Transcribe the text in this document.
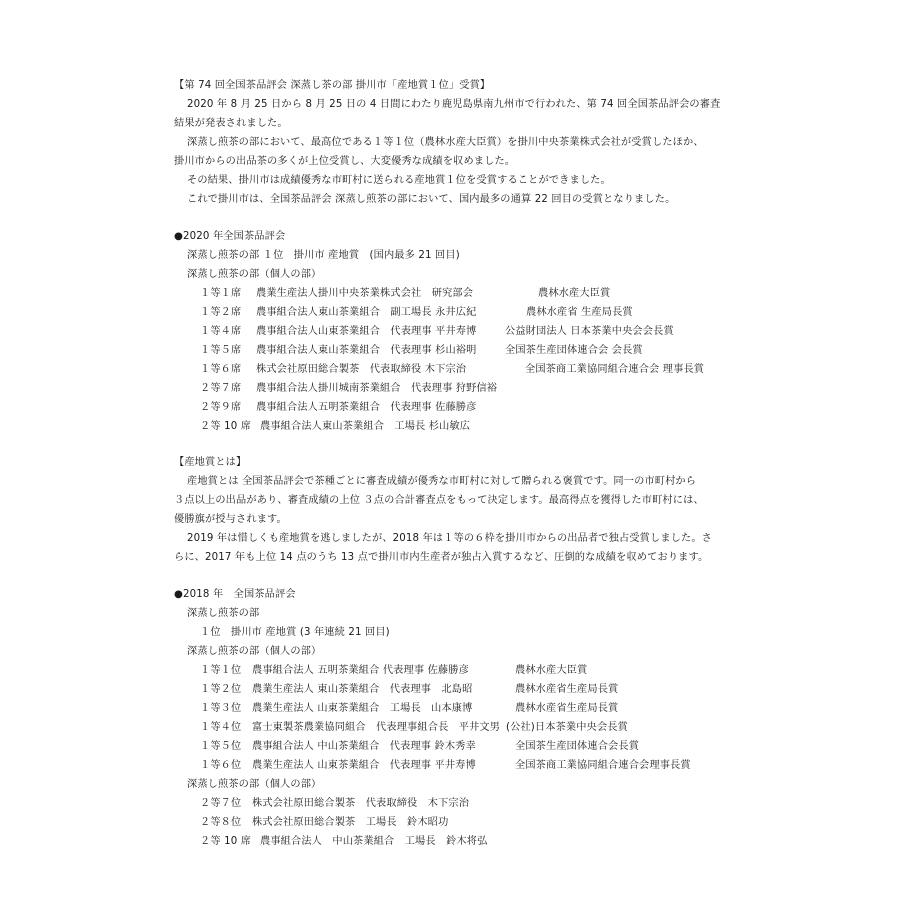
【第 74 回全国茶品評会 深蒸し茶の部 掛川市「産地賞１位」受賞】
2020 年 8 月 25 日から 8 月 25 日の 4 日間にわたり鹿児島県南九州市で行われた、第 74 回全国茶品評会の審査
結果が発表されました。
深蒸し煎茶の部において、最高位である１等１位（農林水産大臣賞）を掛川中央茶業株式会社が受賞したほか、
掛川市からの出品茶の多くが上位受賞し、大変優秀な成績を収めました。
その結果、掛川市は成績優秀な市町村に送られる産地賞１位を受賞することができました。
これで掛川市は、全国茶品評会 深蒸し煎茶の部において、国内最多の通算 22 回目の受賞となりました。
●2020 年全国茶品評会
深蒸し煎茶の部 １位　掛川市 産地賞　(国内最多 21 回目)
深蒸し煎茶の部（個人の部）
１等１席 農業生産法人掛川中央茶業株式会社　研究部会	農林水産大臣賞
１等２席 農事組合法人東山茶業組合　副工場長 永井広紀	農林水産省 生産局長賞
１等４席 農事組合法人山東茶業組合　代表理事 平井寿博	公益財団法人 日本茶業中央会会長賞
１等５席 農事組合法人東山茶業組合　代表理事 杉山裕明	全国茶生産団体連合会 会長賞
１等６席 株式会社原田総合製茶　代表取締役 木下宗治	全国茶商工業協同組合連合会 理事長賞
２等７席 農事組合法人掛川城南茶業組合　代表理事 狩野信裕
２等９席 農事組合法人五明茶業組合　代表理事 佐藤勝彦
２等 10 席 農事組合法人東山茶業組合　工場長 杉山敏広
【産地賞とは】
産地賞とは 全国茶品評会で茶種ごとに審査成績が優秀な市町村に対して贈られる褒賞です。同一の市町村から
３点以上の出品があり、審査成績の上位 ３点の合計審査点をもって決定します。最高得点を獲得した市町村には、
優勝旗が授与されます。
2019 年は惜しくも産地賞を逃しましたが、2018 年は１等の６枠を掛川市からの出品者で独占受賞しました。さ
らに、2017 年も上位 14 点のうち 13 点で掛川市内生産者が独占入賞するなど、圧倒的な成績を収めております。
●2018 年　全国茶品評会
深蒸し煎茶の部
１位　掛川市 産地賞 (3 年連続 21 回目)
深蒸し煎茶の部（個人の部）
１等１位 農事組合法人 五明茶業組合 代表理事 佐藤勝彦	農林水産大臣賞
１等２位 農業生産法人 東山茶業組合　代表理事　北島昭	農林水産省生産局長賞
１等３位 農業生産法人 山東茶業組合　工場長　山本康博	農林水産省生産局長賞
１等４位 富士東製茶農業協同組合　代表理事組合長　平井文男 (公社)日本茶業中央会長賞
１等５位 農事組合法人 中山茶業組合　代表理事 鈴木秀幸	全国茶生産団体連合会長賞
１等６位 農業生産法人 山東茶業組合　代表理事 平井寿博	全国茶商工業協同組合連合会理事長賞
深蒸し煎茶の部（個人の部）
２等７位 株式会社原田総合製茶　代表取締役　木下宗治
２等８位 株式会社原田総合製茶　工場長　鈴木昭功
２等 10 席 農事組合法人　中山茶業組合　工場長　鈴木将弘
